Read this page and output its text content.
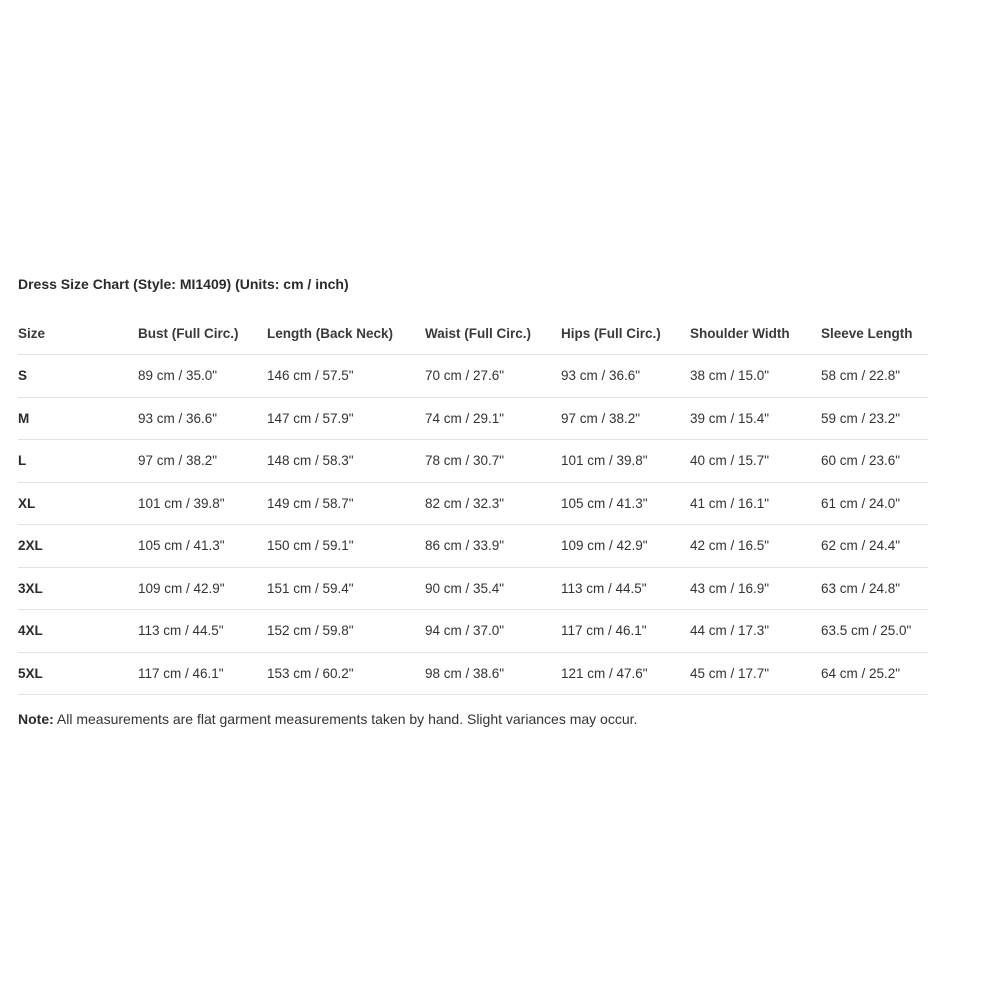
Dress Size Chart (Style: MI1409) (Units: cm / inch)
Size	Bust (Full Circ.)	Length (Back Neck)	Waist (Full Circ.)	Hips (Full Circ.)	Shoulder Width	Sleeve Length
S	89 cm / 35.0"	146 cm / 57.5"	70 cm / 27.6"	93 cm / 36.6"	38 cm / 15.0"	58 cm / 22.8"
M	93 cm / 36.6"	147 cm / 57.9"	74 cm / 29.1"	97 cm / 38.2"	39 cm / 15.4"	59 cm / 23.2"
L	97 cm / 38.2"	148 cm / 58.3"	78 cm / 30.7"	101 cm / 39.8"	40 cm / 15.7"	60 cm / 23.6"
XL	101 cm / 39.8"	149 cm / 58.7"	82 cm / 32.3"	105 cm / 41.3"	41 cm / 16.1"	61 cm / 24.0"
2XL	105 cm / 41.3"	150 cm / 59.1"	86 cm / 33.9"	109 cm / 42.9"	42 cm / 16.5"	62 cm / 24.4"
3XL	109 cm / 42.9"	151 cm / 59.4"	90 cm / 35.4"	113 cm / 44.5"	43 cm / 16.9"	63 cm / 24.8"
4XL	113 cm / 44.5"	152 cm / 59.8"	94 cm / 37.0"	117 cm / 46.1"	44 cm / 17.3"	63.5 cm / 25.0"
5XL	117 cm / 46.1"	153 cm / 60.2"	98 cm / 38.6"	121 cm / 47.6"	45 cm / 17.7"	64 cm / 25.2"
Note: All measurements are flat garment measurements taken by hand. Slight variances may occur.
